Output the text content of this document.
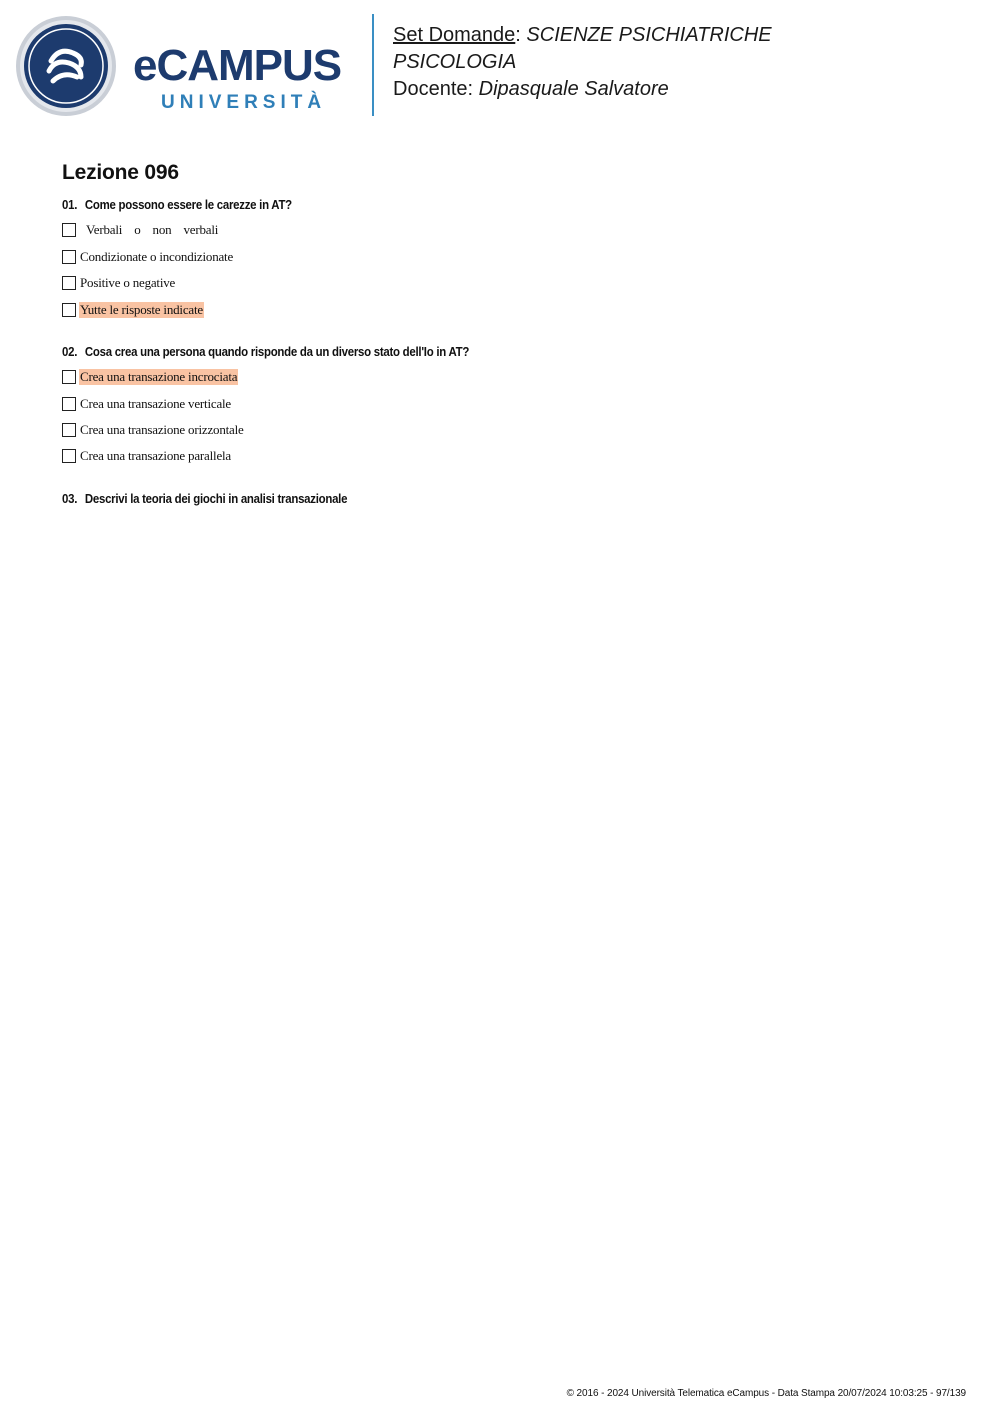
eCAMPUS
UNIVERSITÀ
Set Domande: SCIENZE PSICHIATRICHE
PSICOLOGIA
Docente: Dipasquale Salvatore
Lezione 096
01. Come possono essere le carezze in AT?
Verbali o non verbali
Condizionate o incondizionate
Positive o negative
Yutte le risposte indicate
02. Cosa crea una persona quando risponde da un diverso stato dell'Io in AT?
Crea una transazione incrociata
Crea una transazione verticale
Crea una transazione orizzontale
Crea una transazione parallela
03. Descrivi la teoria dei giochi in analisi transazionale
© 2016 - 2024 Università Telematica eCampus - Data Stampa 20/07/2024 10:03:25 - 97/139
